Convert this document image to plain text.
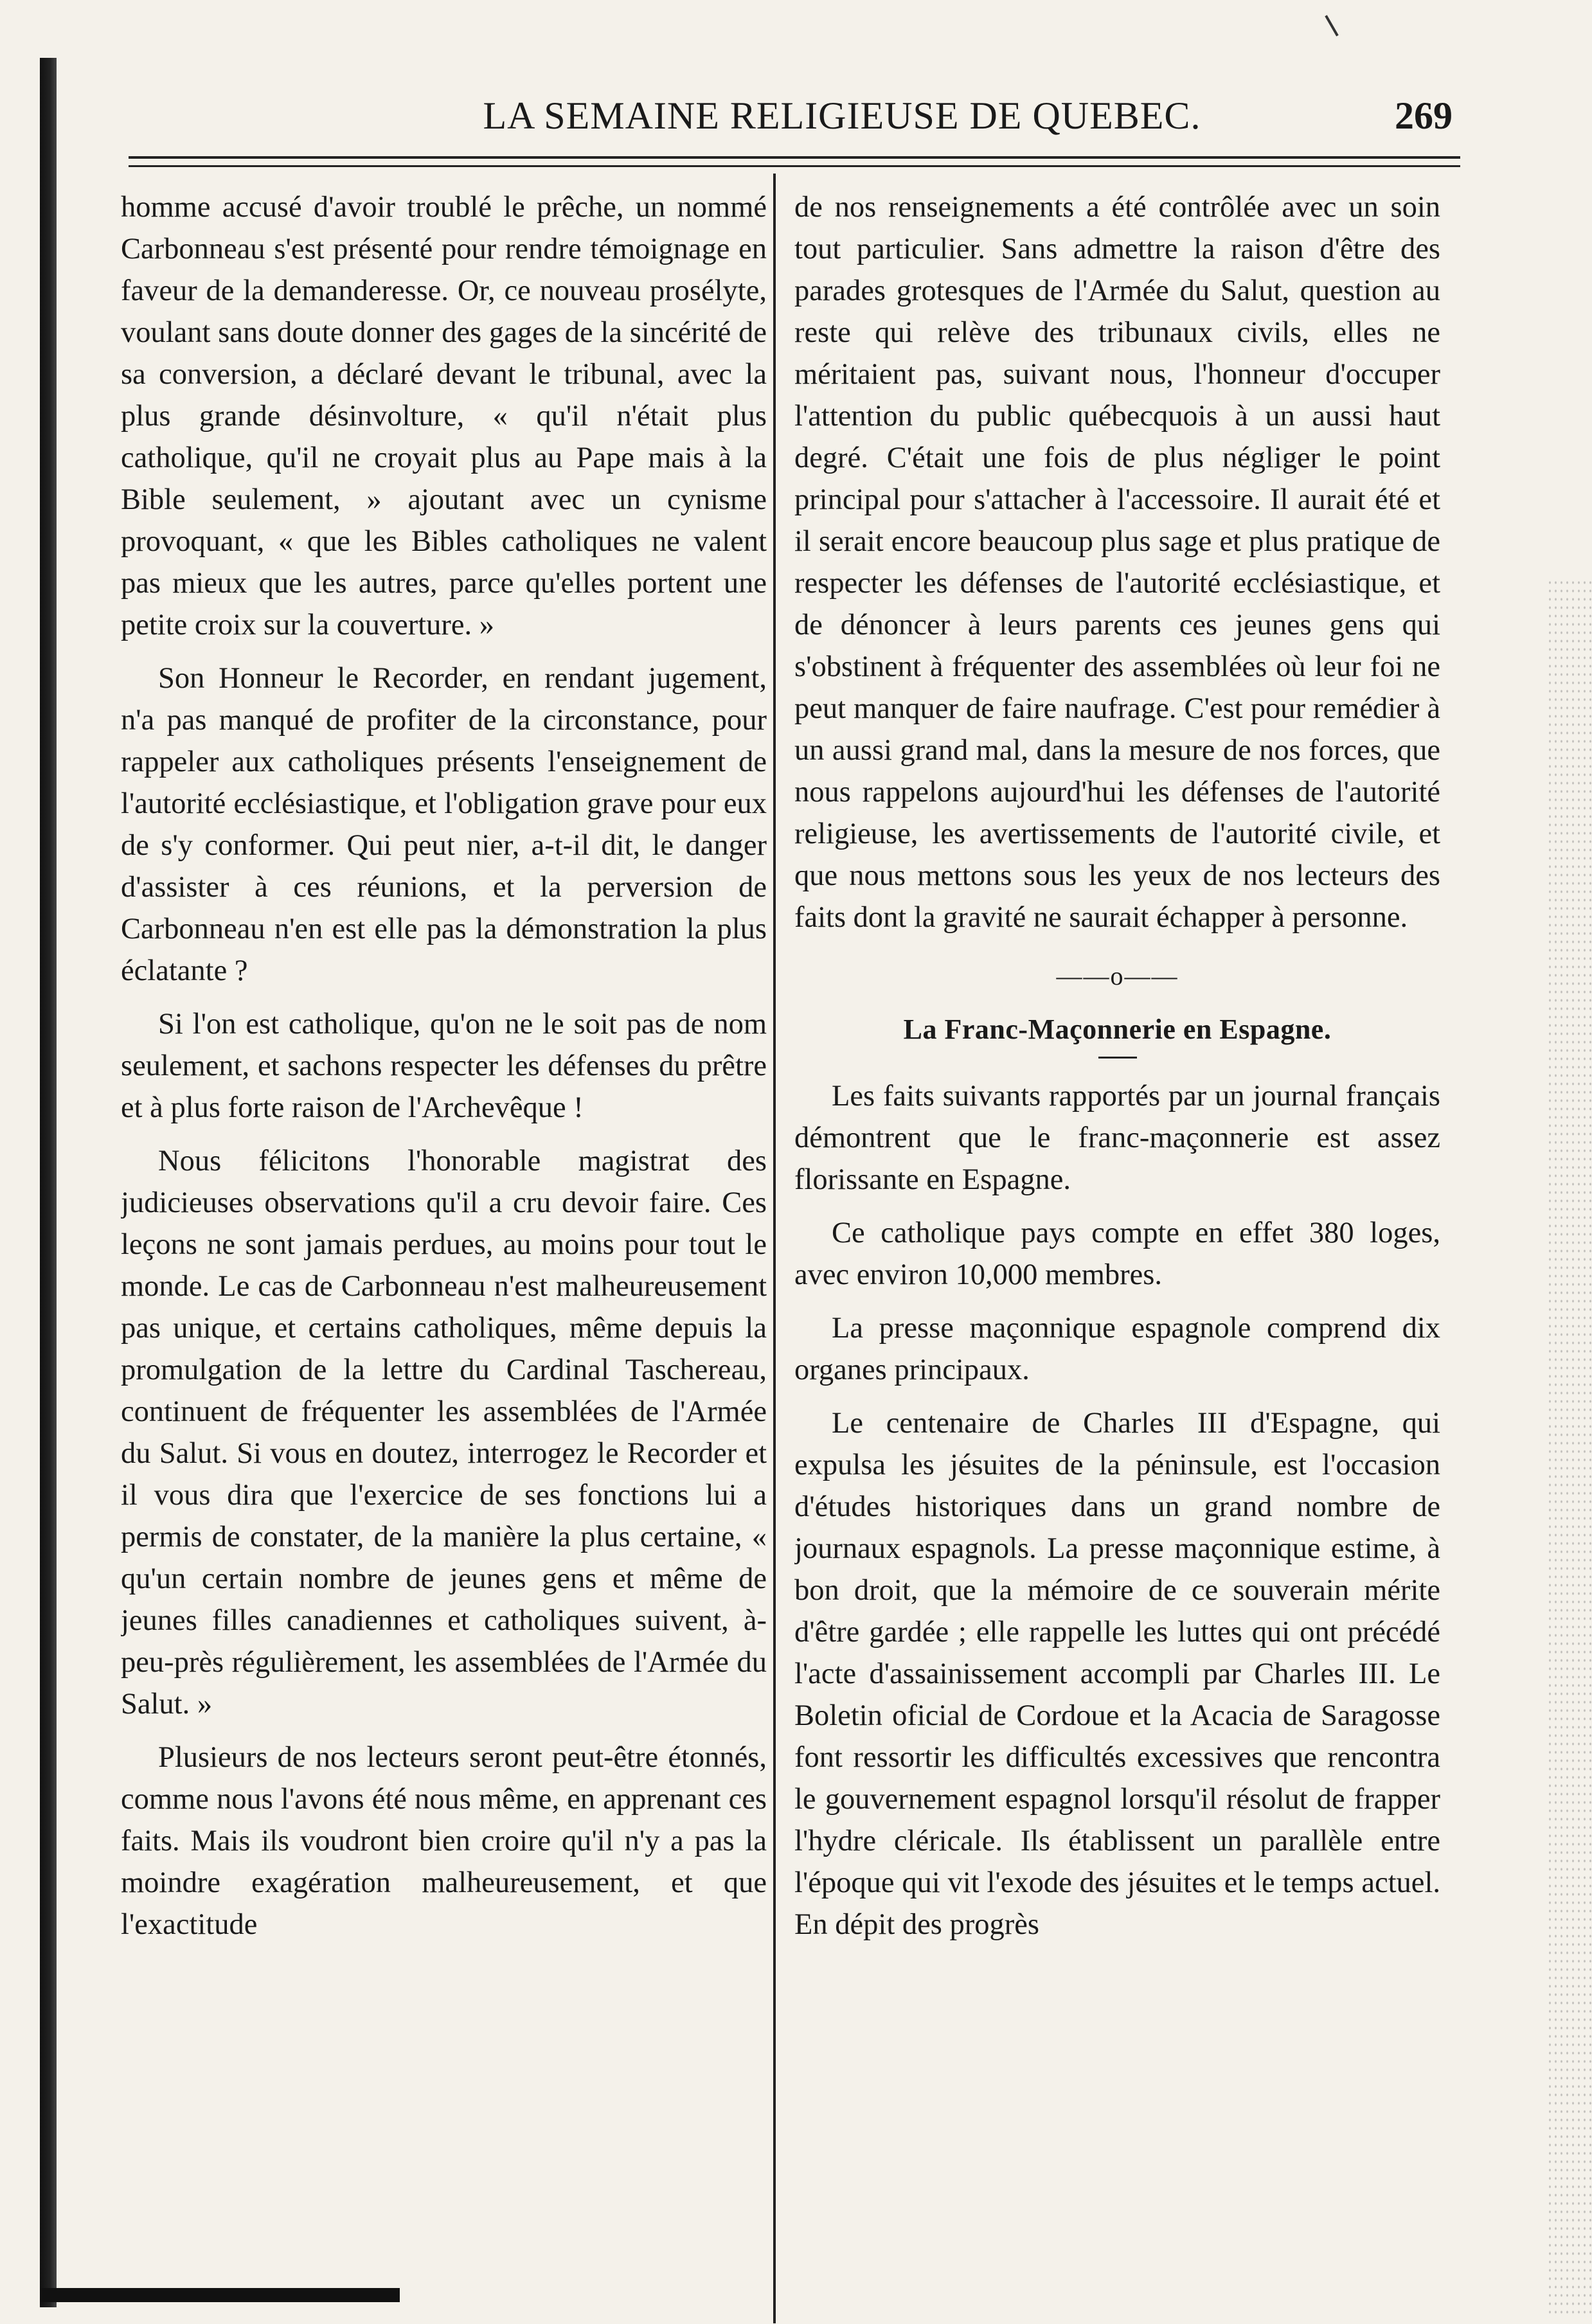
LA SEMAINE RELIGIEUSE DE QUEBEC.	269

homme accusé d'avoir troublé le prêche, un nommé Carbonneau s'est présenté pour rendre témoignage en faveur de la demanderesse. Or, ce nouveau prosélyte, voulant sans doute donner des gages de la sincérité de sa conversion, a déclaré devant le tribunal, avec la plus grande désinvolture, « qu'il n'était plus catholique, qu'il ne croyait plus au Pape mais à la Bible seulement, » ajoutant avec un cynisme provoquant, « que les Bibles catholiques ne valent pas mieux que les autres, parce qu'elles portent une petite croix sur la couverture. »

Son Honneur le Recorder, en rendant jugement, n'a pas manqué de profiter de la circonstance, pour rappeler aux catholiques présents l'enseignement de l'autorité ecclésiastique, et l'obligation grave pour eux de s'y conformer. Qui peut nier, a-t-il dit, le danger d'assister à ces réunions, et la perversion de Carbonneau n'en est elle pas la démonstration la plus éclatante ?

Si l'on est catholique, qu'on ne le soit pas de nom seulement, et sachons respecter les défenses du prêtre et à plus forte raison de l'Archevêque !

Nous félicitons l'honorable magistrat des judicieuses observations qu'il a cru devoir faire. Ces leçons ne sont jamais perdues, au moins pour tout le monde. Le cas de Carbonneau n'est malheureusement pas unique, et certains catholiques, même depuis la promulgation de la lettre du Cardinal Taschereau, continuent de fréquenter les assemblées de l'Armée du Salut. Si vous en doutez, interrogez le Recorder et il vous dira que l'exercice de ses fonctions lui a permis de constater, de la manière la plus certaine, « qu'un certain nombre de jeunes gens et même de jeunes filles canadiennes et catholiques suivent, à-peu-près régulièrement, les assemblées de l'Armée du Salut. »

Plusieurs de nos lecteurs seront peut-être étonnés, comme nous l'avons été nous même, en apprenant ces faits. Mais ils voudront bien croire qu'il n'y a pas la moindre exagération malheureusement, et que l'exactitude

de nos renseignements a été contrôlée avec un soin tout particulier. Sans admettre la raison d'être des parades grotesques de l'Armée du Salut, question au reste qui relève des tribunaux civils, elles ne méritaient pas, suivant nous, l'honneur d'occuper l'attention du public québecquois à un aussi haut degré. C'était une fois de plus négliger le point principal pour s'attacher à l'accessoire. Il aurait été et il serait encore beaucoup plus sage et plus pratique de respecter les défenses de l'autorité ecclésiastique, et de dénoncer à leurs parents ces jeunes gens qui s'obstinent à fréquenter des assemblées où leur foi ne peut manquer de faire naufrage. C'est pour remédier à un aussi grand mal, dans la mesure de nos forces, que nous rappelons aujourd'hui les défenses de l'autorité religieuse, les avertissements de l'autorité civile, et que nous mettons sous les yeux de nos lecteurs des faits dont la gravité ne saurait échapper à personne.

——o——
La Franc-Maçonnerie en Espagne.

Les faits suivants rapportés par un journal français démontrent que le franc-maçonnerie est assez florissante en Espagne.

Ce catholique pays compte en effet 380 loges, avec environ 10,000 membres.

La presse maçonnique espagnole comprend dix organes principaux.

Le centenaire de Charles III d'Espagne, qui expulsa les jésuites de la péninsule, est l'occasion d'études historiques dans un grand nombre de journaux espagnols. La presse maçonnique estime, à bon droit, que la mémoire de ce souverain mérite d'être gardée ; elle rappelle les luttes qui ont précédé l'acte d'assainissement accompli par Charles III. Le Boletin oficial de Cordoue et la Acacia de Saragosse font ressortir les difficultés excessives que rencontra le gouvernement espagnol lorsqu'il résolut de frapper l'hydre cléricale. Ils établissent un parallèle entre l'époque qui vit l'exode des jésuites et le temps actuel. En dépit des progrès
